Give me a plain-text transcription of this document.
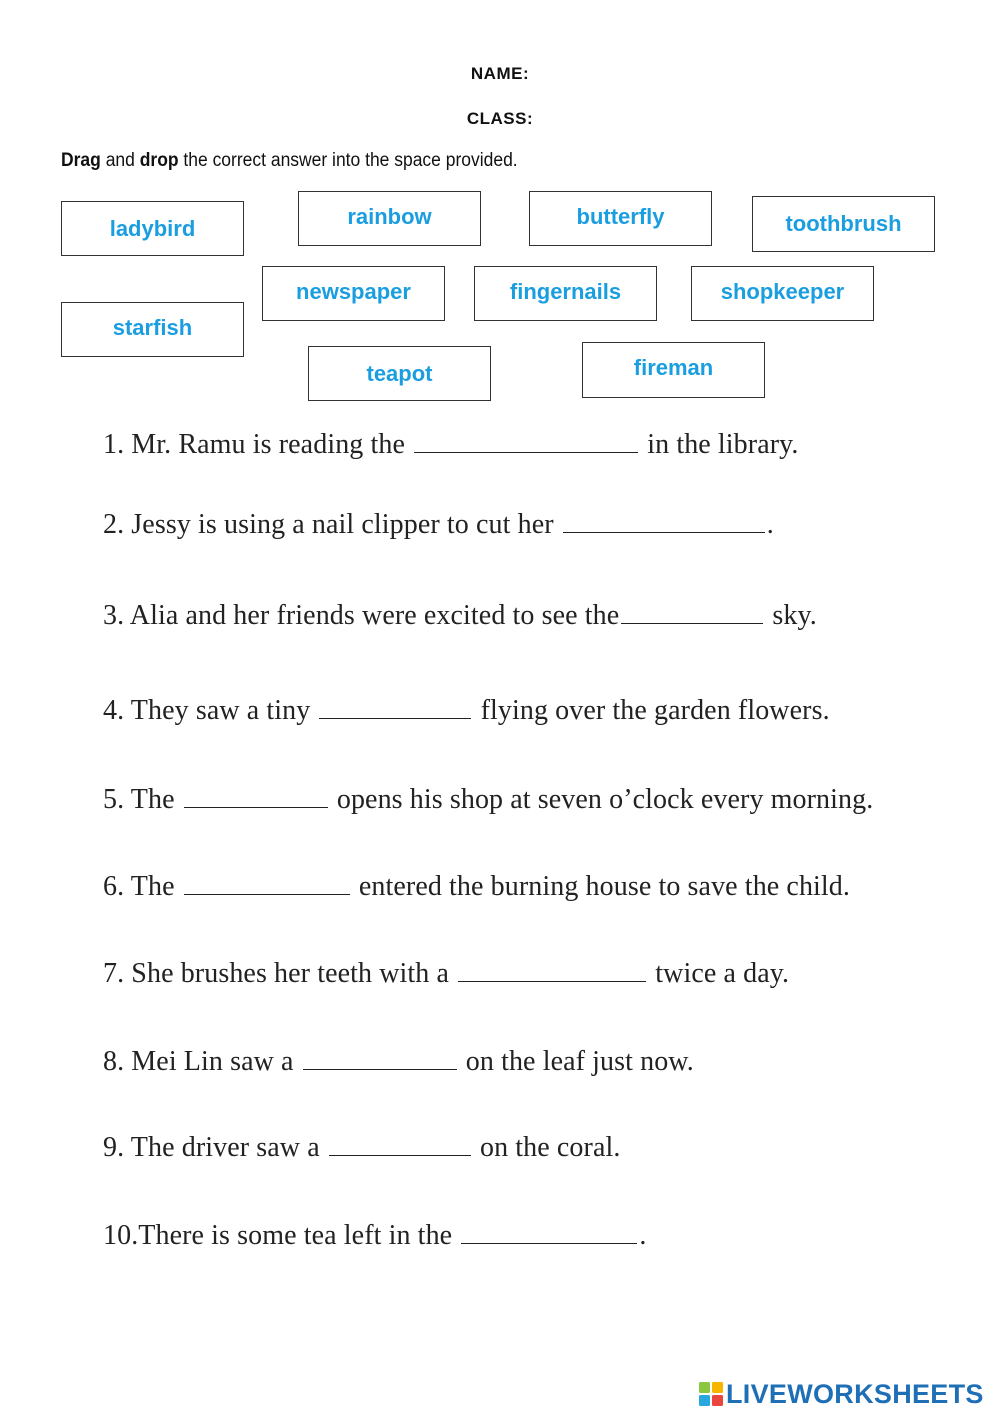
NAME:
CLASS:
Drag and drop the correct answer into the space provided.
ladybird	rainbow	butterfly	toothbrush
newspaper	fingernails	shopkeeper
starfish
teapot	fireman
1. Mr. Ramu is reading the	in the library.
2. Jessy is using a nail clipper to cut her	.
3. Alia and her friends were excited to see the	sky.
4. They saw a tiny	flying over the garden flowers.
5. The	opens his shop at seven o’clock every morning.
6. The	entered the burning house to save the child.
7. She brushes her teeth with a	twice a day.
8. Mei Lin saw a	on the leaf just now.
9. The driver saw a	on the coral.
10.There is some tea left in the	.
LIVEWORKSHEETS
